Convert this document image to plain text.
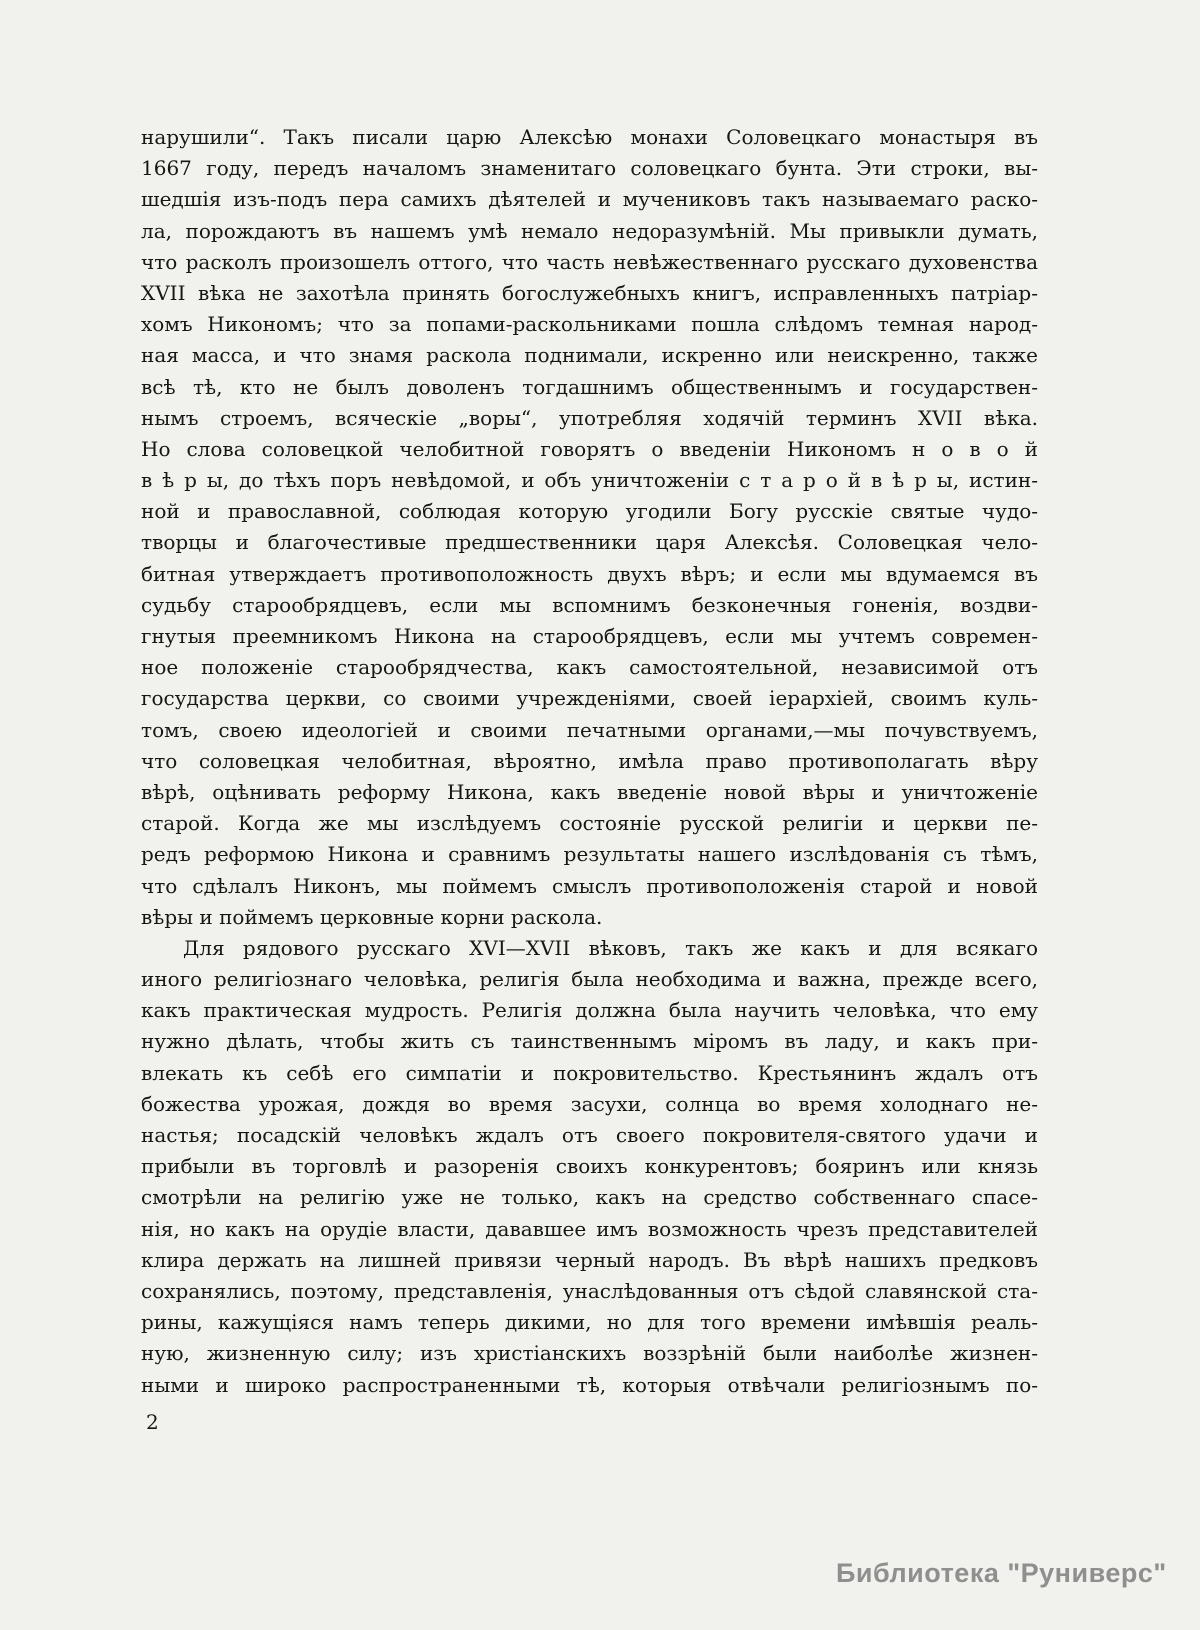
нарушили“. Такъ писали царю Алексѣю монахи Соловецкаго монастыря въ
1667 году, передъ началомъ знаменитаго соловецкаго бунта. Эти строки, вы-
шедшія изъ-подъ пера самихъ дѣятелей и мучениковъ такъ называемаго раско-
ла, порождаютъ въ нашемъ умѣ немало недоразумѣній. Мы привыкли думать,
что расколъ произошелъ оттого, что часть невѣжественнаго русскаго духовенства
XVII вѣка не захотѣла принять богослужебныхъ книгъ, исправленныхъ патріар-
хомъ Никономъ; что за попами-раскольниками пошла слѣдомъ темная народ-
ная масса, и что знамя раскола поднимали, искренно или неискренно, также
всѣ тѣ, кто не былъ доволенъ тогдашнимъ общественнымъ и государствен-
нымъ строемъ, всяческіе „воры“, употребляя ходячій терминъ XVII вѣка.
Но слова соловецкой челобитной говорятъ о введеніи Никономъ н о в о й
в ѣ р ы, до тѣхъ поръ невѣдомой, и объ уничтоженіи с т а р о й в ѣ р ы, истин-
ной и православной, соблюдая которую угодили Богу русскіе святые чудо-
творцы и благочестивые предшественники царя Алексѣя. Соловецкая чело-
битная утверждаетъ противоположность двухъ вѣръ; и если мы вдумаемся въ
судьбу старообрядцевъ, если мы вспомнимъ безконечныя гоненія, воздви-
гнутыя преемникомъ Никона на старообрядцевъ, если мы учтемъ современ-
ное положеніе старообрядчества, какъ самостоятельной, независимой отъ
государства церкви, со своими учрежденіями, своей іерархіей, своимъ куль-
томъ, своею идеологіей и своими печатными органами,—мы почувствуемъ,
что соловецкая челобитная, вѣроятно, имѣла право противополагать вѣру
вѣрѣ, оцѣнивать реформу Никона, какъ введеніе новой вѣры и уничтоженіе
старой. Когда же мы изслѣдуемъ состояніе русской религіи и церкви пе-
редъ реформою Никона и сравнимъ результаты нашего изслѣдованія съ тѣмъ,
что сдѣлалъ Никонъ, мы поймемъ смыслъ противоположенія старой и новой
вѣры и поймемъ церковные корни раскола.
Для рядового русскаго XVI—XVII вѣковъ, такъ же какъ и для всякаго
иного религіознаго человѣка, религія была необходима и важна, прежде всего,
какъ практическая мудрость. Религія должна была научить человѣка, что ему
нужно дѣлать, чтобы жить съ таинственнымъ міромъ въ ладу, и какъ при-
влекать къ себѣ его симпатіи и покровительство. Крестьянинъ ждалъ отъ
божества урожая, дождя во время засухи, солнца во время холоднаго не-
настья; посадскій человѣкъ ждалъ отъ своего покровителя-святого удачи и
прибыли въ торговлѣ и разоренія своихъ конкурентовъ; бояринъ или князь
смотрѣли на религію уже не только, какъ на средство собственнаго спасе-
нія, но какъ на орудіе власти, дававшее имъ возможность чрезъ представителей
клира держать на лишней привязи черный народъ. Въ вѣрѣ нашихъ предковъ
сохранялись, поэтому, представленія, унаслѣдованныя отъ сѣдой славянской ста-
рины, кажущіяся намъ теперь дикими, но для того времени имѣвшія реаль-
ную, жизненную силу; изъ христіанскихъ воззрѣній были наиболѣе жизнен-
ными и широко распространенными тѣ, которыя отвѣчали религіознымъ по-
2
Библиотека "Руниверс"
